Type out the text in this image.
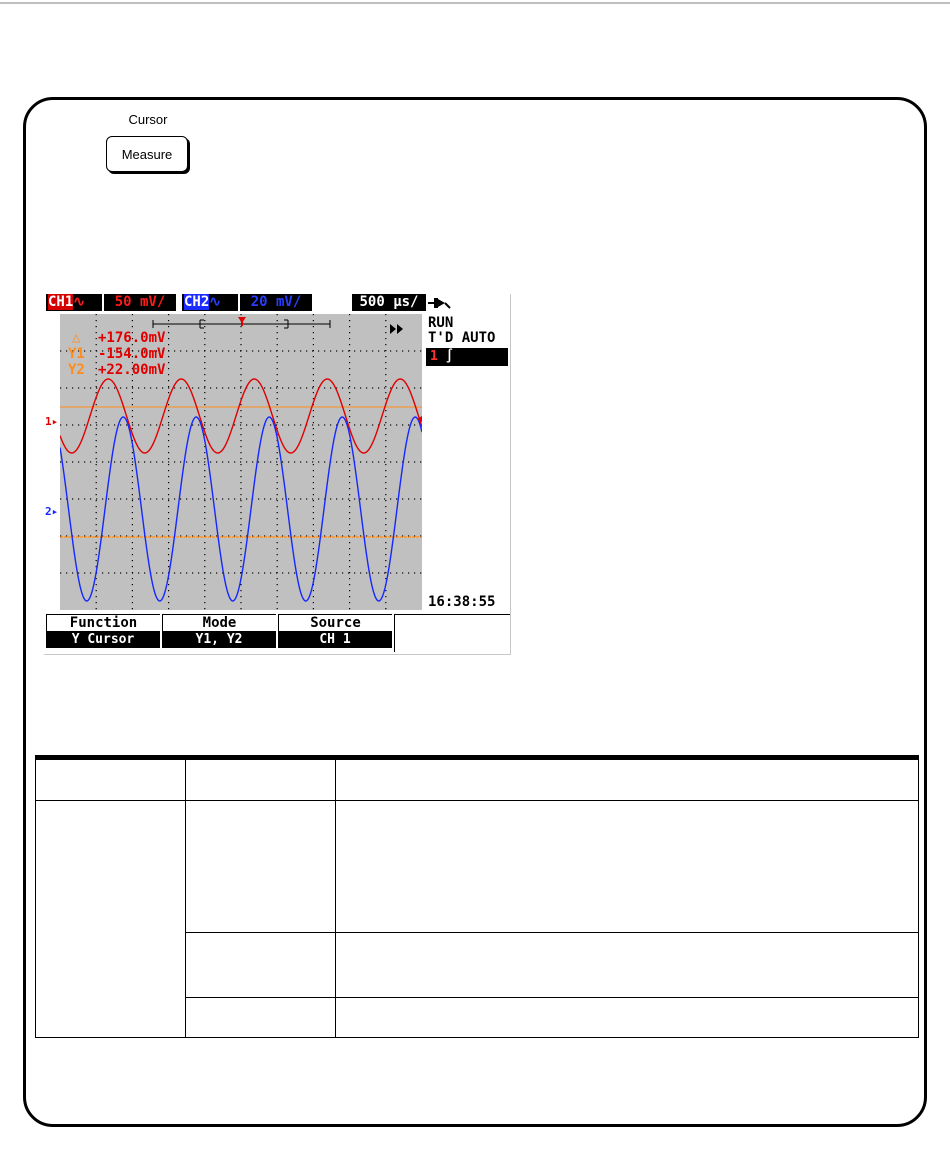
Cursor
Measure
CH1∿	50 mV/	CH2∿	20 mV/	500 µs/
△ +176.0mV
Y1 -154.0mV
Y2 +22.00mV
1▸
2▸
RUN
T'D AUTO
1 ∫
16:38:55
Function
Y Cursor
Mode
Y1, Y2
Source
CH 1
